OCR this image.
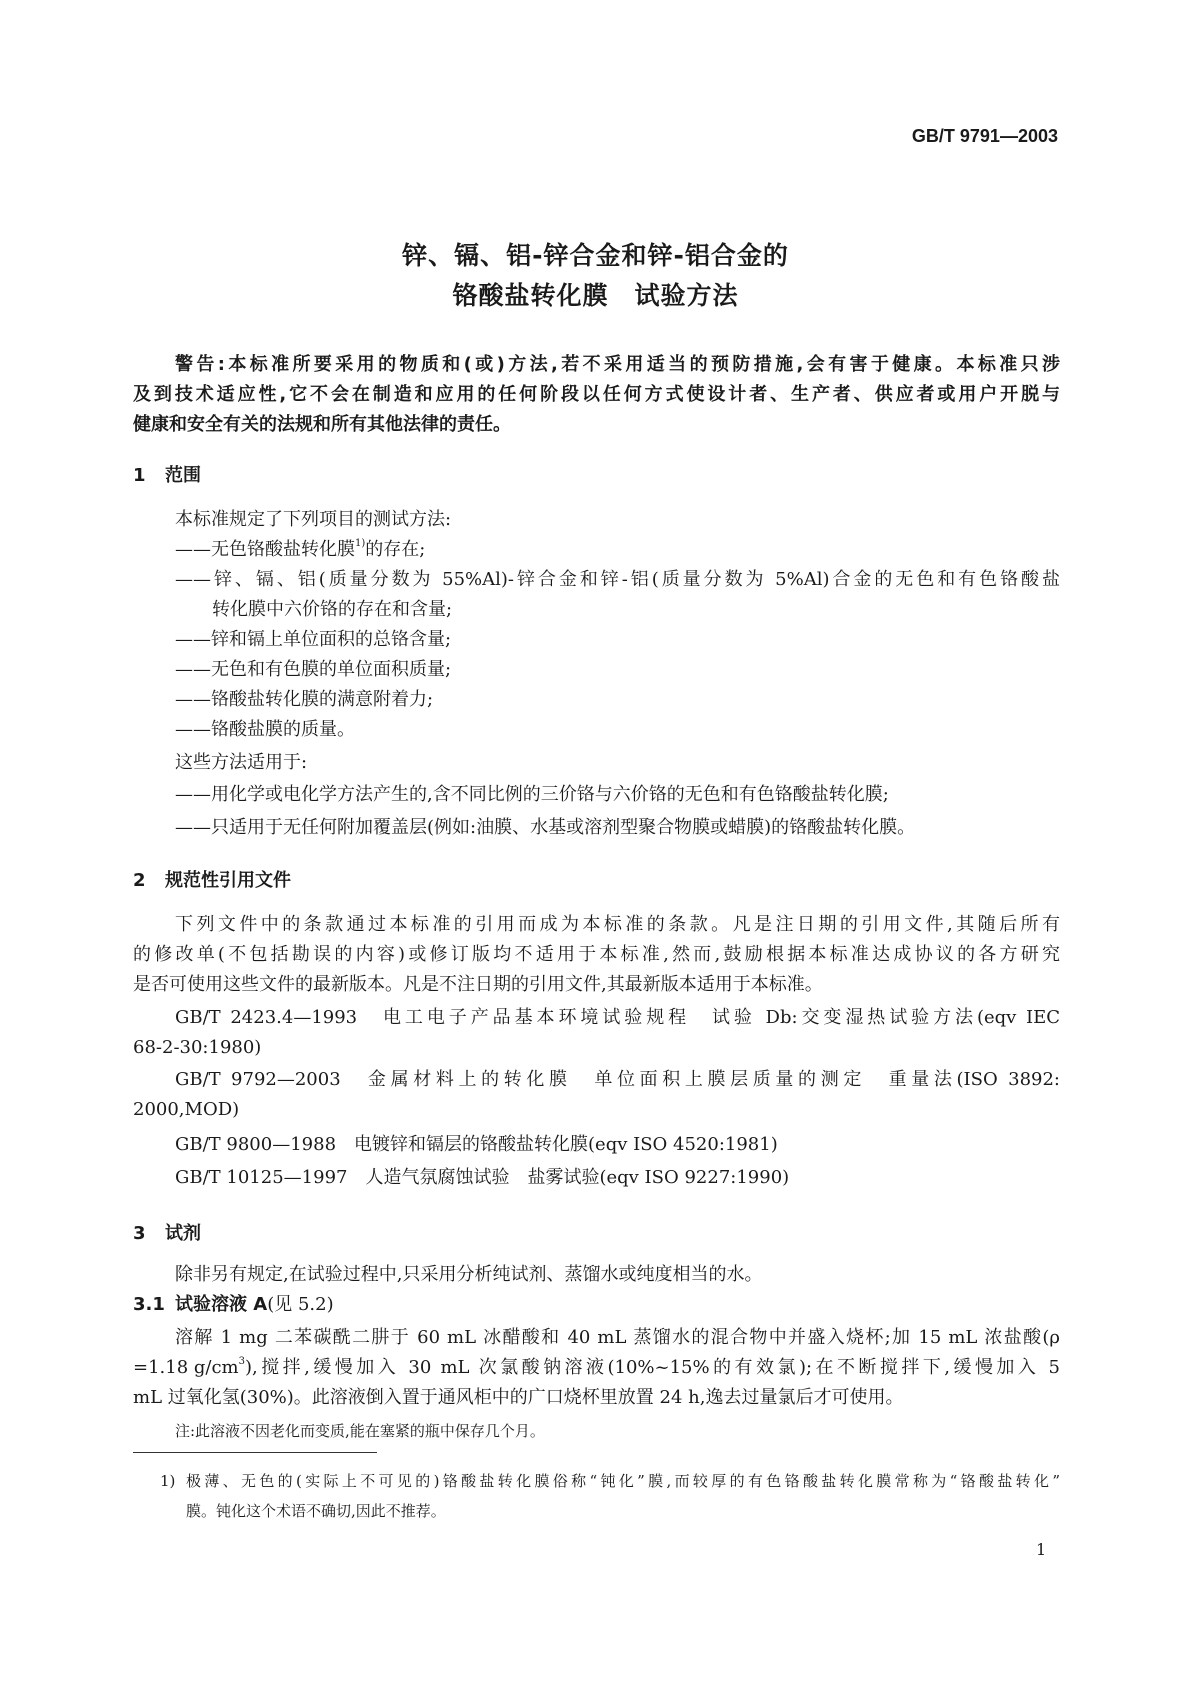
GB/T 9791—2003
锌、镉、铝-锌合金和锌-铝合金的
铬酸盐转化膜　试验方法
警告:本标准所要采用的物质和(或)方法,若不采用适当的预防措施,会有害于健康。本标准只涉
及到技术适应性,它不会在制造和应用的任何阶段以任何方式使设计者、生产者、供应者或用户开脱与
健康和安全有关的法规和所有其他法律的责任。
1 范围
本标准规定了下列项目的测试方法:
——无色铬酸盐转化膜$^{1)}$的存在;
——锌、镉、铝(质量分数为 55%Al)-锌合金和锌-铝(质量分数为 5%Al)合金的无色和有色铬酸盐
转化膜中六价铬的存在和含量;
——锌和镉上单位面积的总铬含量;
——无色和有色膜的单位面积质量;
——铬酸盐转化膜的满意附着力;
——铬酸盐膜的质量。
这些方法适用于:
——用化学或电化学方法产生的,含不同比例的三价铬与六价铬的无色和有色铬酸盐转化膜;
——只适用于无任何附加覆盖层(例如:油膜、水基或溶剂型聚合物膜或蜡膜)的铬酸盐转化膜。
2 规范性引用文件
下列文件中的条款通过本标准的引用而成为本标准的条款。凡是注日期的引用文件,其随后所有
的修改单(不包括勘误的内容)或修订版均不适用于本标准,然而,鼓励根据本标准达成协议的各方研究
是否可使用这些文件的最新版本。凡是不注日期的引用文件,其最新版本适用于本标准。
GB/T 2423.4—1993　电工电子产品基本环境试验规程　试验 Db:交变湿热试验方法(eqv IEC
68-2-30:1980)
GB/T 9792—2003　金属材料上的转化膜　单位面积上膜层质量的测定　重量法(ISO 3892:
2000,MOD)
GB/T 9800—1988　电镀锌和镉层的铬酸盐转化膜(eqv ISO 4520:1981)
GB/T 10125—1997　人造气氛腐蚀试验　盐雾试验(eqv ISO 9227:1990)
3 试剂
除非另有规定,在试验过程中,只采用分析纯试剂、蒸馏水或纯度相当的水。
3.1 试验溶液 A(见 5.2)
溶解 1 mg 二苯碳酰二肼于 60 mL 冰醋酸和 40 mL 蒸馏水的混合物中并盛入烧杯;加 15 mL 浓盐酸(ρ
=1.18 g/cm 3 ),搅拌,缓慢加入 30 mL 次氯酸钠溶液(10%~15%的有效氯);在不断搅拌下,缓慢加入 5
mL 过氧化氢(30%)。此溶液倒入置于通风柜中的广口烧杯里放置 24 h,逸去过量氯后才可使用。
注:此溶液不因老化而变质,能在塞紧的瓶中保存几个月。
1) 极薄、无色的(实际上不可见的)铬酸盐转化膜俗称“钝化”膜,而较厚的有色铬酸盐转化膜常称为“铬酸盐转化”
膜。钝化这个术语不确切,因此不推荐。
1
